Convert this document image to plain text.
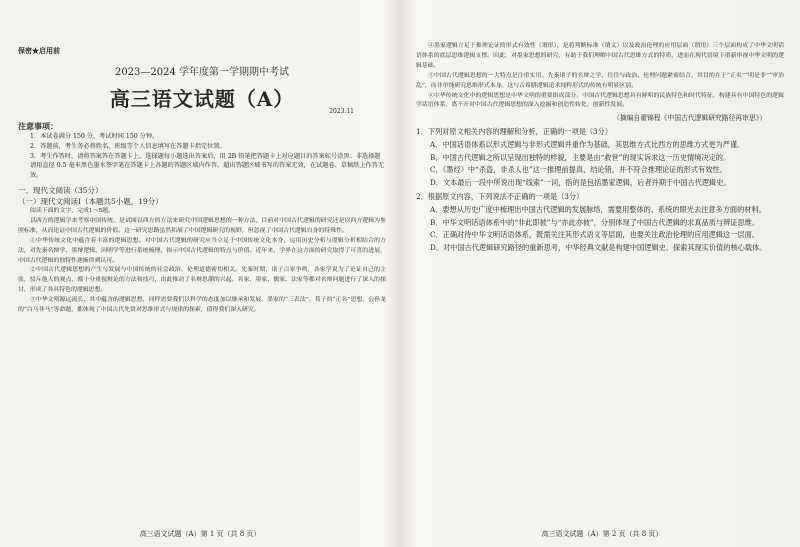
保密★启用前
2023—2024 学年度第一学期期中考试
高三语文试题（A）
2023.11
注意事项：
1．本试卷满分 150 分，考试时间 150 分钟。
2．答题前，考生务必将姓名、班级等个人信息填写在答题卡指定位置。
3．考生作答时，请将答案答在答题卡上。选择题每小题选出答案后，用 2B 铅笔把答题卡上对应题目的答案标号涂黑；非选择题请用直径 0.5 毫米黑色墨水签字笔在答题卡上各题的答题区域内作答。超出答题区域书写的答案无效，在试题卷、草稿纸上作答无效。
一、现代文阅读（35分）
（一）现代文阅读Ⅰ（本题共5小题，19分）
阅读下面的文字，完成1～5题。
以西方的逻辑学来考察中国传统，是试图以西方的方法来研究中国逻辑思想的一种方法。目前对中国古代逻辑的研究还是以西方逻辑为参照标准，从而论证中国古代逻辑的价值。这一研究思路虽然拓展了中国逻辑研究的视野，但忽视了中国古代逻辑自身的特殊性。
①中华传统文化中蕴含着丰富的逻辑思想。对中国古代逻辑的研究应当立足于中国传统文化本身，运用历史分析与逻辑分析相结合的方法，对先秦名辩学、墨辩逻辑、因明学等进行系统梳理，揭示中国古代逻辑的特点与价值。近年来，学界在这方面的研究取得了可喜的进展，中国古代逻辑的独特性逐渐得到认可。
②中国古代逻辑思想的产生与发展与中国传统的社会政治、伦理道德密切相关。先秦时期，诸子百家争鸣，各家学说为了论证自己的主张，驳斥他人的观点，都十分重视辩论的方法和技巧，由此推动了名辩思潮的兴起。名家、墨家、儒家、法家等都对名辩问题进行了深入的探讨，形成了各具特色的逻辑思想。
③中华文明源远流长，其中蕴含的逻辑思想，同样需要我们以科学的态度加以继承和发展。墨家的“三表法”、荀子的“正名”思想、公孙龙的“白马非马”等命题，都体现了中国古代先贤对思维形式与规律的探索，值得我们深入研究。
高三语文试题（A）第 1 页（共 8 页）
④墨家逻辑立足于推理论证的形式有效性（谓形），是将判断标准（谓义）以及政治伦理的应用层面（谓用）三个层面构成了中华文明话语体系的底层思维逻辑支撑。因此，对墨家思想的研究，有助于我们理解中国古代思维方式的特质，进而在现代语境下重新审视中华文明的逻辑基础。
⑤中国古代逻辑思想的一大特点是注重实用。先秦诸子的名辩之学，往往与政治、伦理问题紧密结合，其目的在于“正名”“明是非”“审治乱”，而非单纯研究思维形式本身。这与古希腊逻辑追求纯粹形式的传统有明显区别。
⑥中华传统文化中的逻辑思想是中华文明的重要组成部分。中国古代逻辑思想具有鲜明的民族特色和时代特征，构建具有中国特色的逻辑学话语体系，离不开对中国古代逻辑思想的深入挖掘和创造性转化、创新性发展。
（摘编自翟锦程《中国古代逻辑研究路径再审思》）
1．下列对原文相关内容的理解和分析，正确的一项是（3分）
A．中国话语体系以形式逻辑与非形式逻辑并重作为基础，其思维方式比西方的思维方式更为严谨。
B．中国古代逻辑之所以呈现出独特的样貌，主要是由“救世”的现实诉求这一历史情境决定的。
C．《墨经》中“杀盗，非杀人也”这一推理前提真、结论错，并不符合推理论证的形式有效性。
D．文本最后一段中所说出现“线索”一词，指的是包括墨家逻辑，后者并期于中国古代逻辑史。
2．根据原文内容，下列说法不正确的一项是（3分）
A．要想从历史广度中梳理出中国古代逻辑的发展脉络，需要用整体的、系统的眼光去注意多方面的材料。
B．中华文明话语体系中的“非此即彼”与“亦此亦彼”，分别体现了中国古代逻辑的求真品质与辨证思维。
C．正确对待中华文明话语体系，既需关注其形式语义等层面，也要关注政治伦理的应用逻辑这一层面。
D．对中国古代逻辑研究路径的重新思考，中华经典文献是构建中国逻辑史、探索其现实价值的核心载体。
高三语文试题（A）第 2 页（共 8 页）
